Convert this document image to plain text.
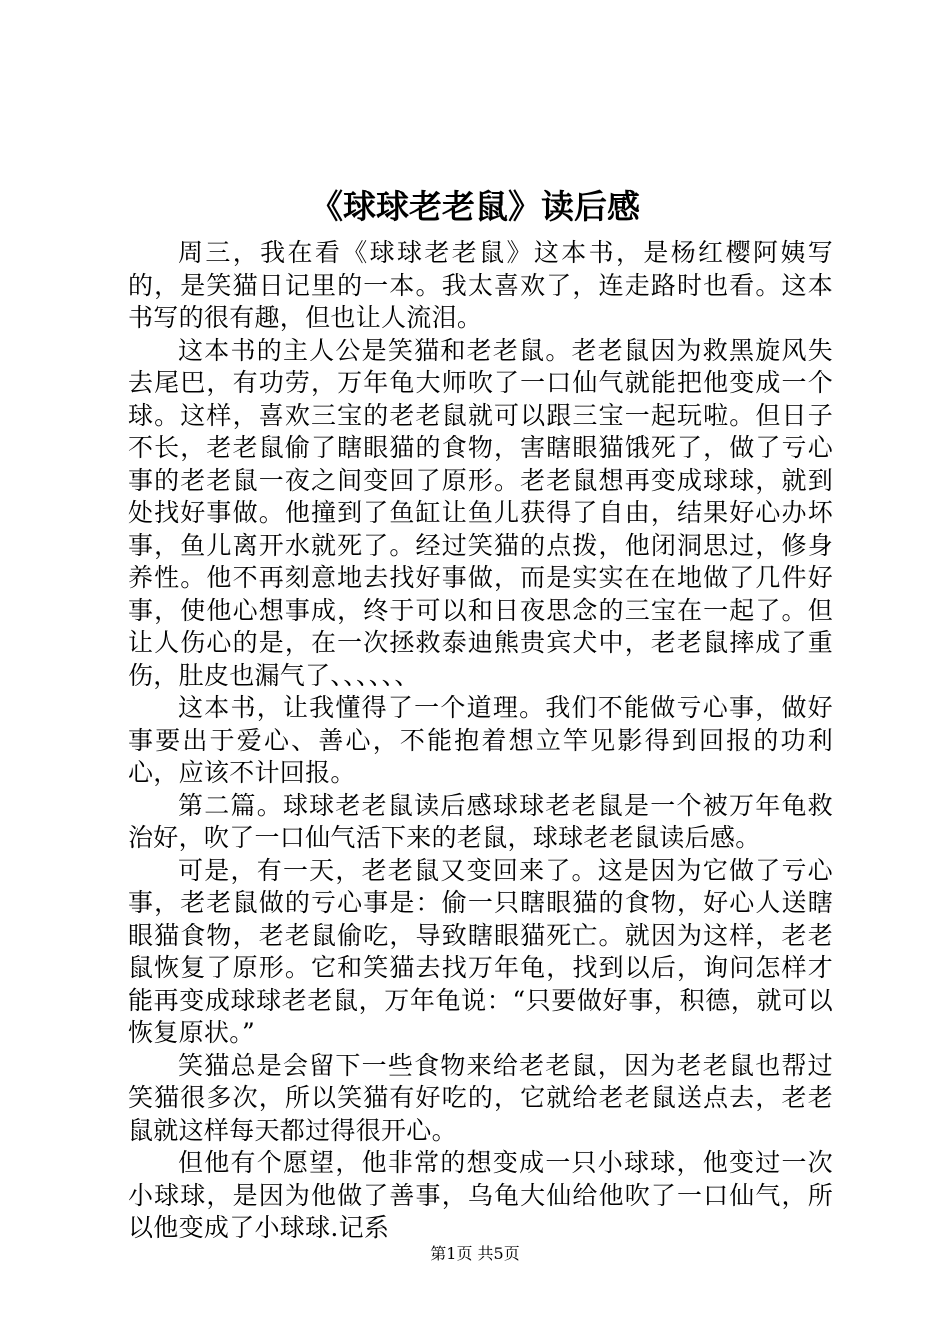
《球球老老鼠》读后感

周三，我在看《球球老老鼠》这本书，是杨红樱阿姨写的，是笑猫日记里的一本。我太喜欢了，连走路时也看。这本书写的很有趣，但也让人流泪。

这本书的主人公是笑猫和老老鼠。老老鼠因为救黑旋风失去尾巴，有功劳，万年龟大师吹了一口仙气就能把他变成一个球。这样，喜欢三宝的老老鼠就可以跟三宝一起玩啦。但日子不长，老老鼠偷了瞎眼猫的食物，害瞎眼猫饿死了，做了亏心事的老老鼠一夜之间变回了原形。老老鼠想再变成球球，就到处找好事做。他撞到了鱼缸让鱼儿获得了自由，结果好心办坏事，鱼儿离开水就死了。经过笑猫的点拨，他闭洞思过，修身养性。他不再刻意地去找好事做，而是实实在在地做了几件好事，使他心想事成，终于可以和日夜思念的三宝在一起了。但让人伤心的是，在一次拯救泰迪熊贵宾犬中，老老鼠摔成了重伤，肚皮也漏气了、、、、、、

这本书，让我懂得了一个道理。我们不能做亏心事，做好事要出于爱心、善心，不能抱着想立竿见影得到回报的功利心，应该不计回报。

第二篇。球球老老鼠读后感球球老老鼠是一个被万年龟救治好，吹了一口仙气活下来的老鼠，球球老老鼠读后感。

可是，有一天，老老鼠又变回来了。这是因为它做了亏心事，老老鼠做的亏心事是：偷一只瞎眼猫的食物，好心人送瞎眼猫食物，老老鼠偷吃，导致瞎眼猫死亡。就因为这样，老老鼠恢复了原形。它和笑猫去找万年龟，找到以后，询问怎样才能再变成球球老老鼠，万年龟说：“只要做好事，积德，就可以恢复原状。”

笑猫总是会留下一些食物来给老老鼠，因为老老鼠也帮过笑猫很多次，所以笑猫有好吃的，它就给老老鼠送点去，老老鼠就这样每天都过得很开心。

但他有个愿望，他非常的想变成一只小球球，他变过一次小球球，是因为他做了善事，乌龟大仙给他吹了一口仙气，所以他变成了小球球.记系

第1页 共5页
